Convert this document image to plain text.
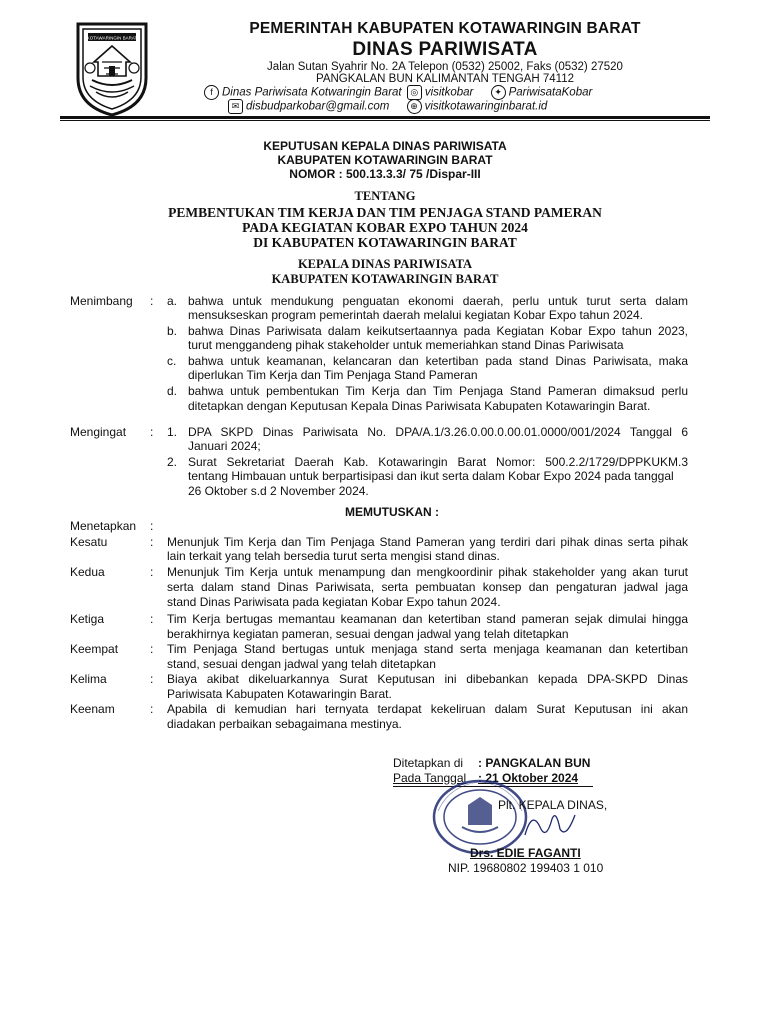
KOTAWARINGIN BARAT
PEMERINTAH KABUPATEN KOTAWARINGIN BARAT
DINAS PARIWISATA
Jalan Sutan Syahrir No. 2A Telepon (0532) 25002, Faks (0532) 27520
PANGKALAN BUN KALIMANTAN TENGAH 74112
f Dinas Pariwisata Kotwaringin Barat ◎ visitkobar ✦ PariwisataKobar
✉ disbudparkobar@gmail.com ⊕ visitkotawaringinbarat.id
KEPUTUSAN KEPALA DINAS PARIWISATA
KABUPATEN KOTAWARINGIN BARAT
NOMOR : 500.13.3.3/ 75 /Dispar-III
TENTANG
PEMBENTUKAN TIM KERJA DAN TIM PENJAGA STAND PAMERAN
PADA KEGIATAN KOBAR EXPO TAHUN 2024
DI KABUPATEN KOTAWARINGIN BARAT
KEPALA DINAS PARIWISATA
KABUPATEN KOTAWARINGIN BARAT
Menimbang : a. bahwa untuk mendukung penguatan ekonomi daerah, perlu untuk turut serta dalam
mensukseskan program pemerintah daerah melalui kegiatan Kobar Expo tahun 2024.
b. bahwa Dinas Pariwisata dalam keikutsertaannya pada Kegiatan Kobar Expo tahun 2023,
turut menggandeng pihak stakeholder untuk memeriahkan stand Dinas Pariwisata
c. bahwa untuk keamanan, kelancaran dan ketertiban pada stand Dinas Pariwisata, maka
diperlukan Tim Kerja dan Tim Penjaga Stand Pameran
d. bahwa untuk pembentukan Tim Kerja dan Tim Penjaga Stand Pameran dimaksud perlu
ditetapkan dengan Keputusan Kepala Dinas Pariwisata Kabupaten Kotawaringin Barat.
Mengingat : 1. DPA SKPD Dinas Pariwisata No. DPA/A.1/3.26.0.00.0.00.01.0000/001/2024 Tanggal 6
Januari 2024;
2. Surat Sekretariat Daerah Kab. Kotawaringin Barat Nomor: 500.2.2/1729/DPPKUKM.3
tentang Himbauan untuk berpartisipasi dan ikut serta dalam Kobar Expo 2024 pada tanggal
26 Oktober s.d 2 November 2024.
MEMUTUSKAN :
Menetapkan :
Kesatu	: Menunjuk Tim Kerja dan Tim Penjaga Stand Pameran yang terdiri dari pihak dinas serta pihak
lain terkait yang telah bersedia turut serta mengisi stand dinas.
Kedua	: Menunjuk Tim Kerja untuk menampung dan mengkoordinir pihak stakeholder yang akan turut
serta dalam stand Dinas Pariwisata, serta pembuatan konsep dan pengaturan jadwal jaga
stand Dinas Pariwisata pada kegiatan Kobar Expo tahun 2024.
Ketiga	: Tim Kerja bertugas memantau keamanan dan ketertiban stand pameran sejak dimulai hingga
berakhirnya kegiatan pameran, sesuai dengan jadwal yang telah ditetapkan
Keempat	: Tim Penjaga Stand bertugas untuk menjaga stand serta menjaga keamanan dan ketertiban
stand, sesuai dengan jadwal yang telah ditetapkan
Kelima	: Biaya akibat dikeluarkannya Surat Keputusan ini dibebankan kepada DPA-SKPD Dinas
Pariwisata Kabupaten Kotawaringin Barat.
Keenam	: Apabila di kemudian hari ternyata terdapat kekeliruan dalam Surat Keputusan ini akan
diadakan perbaikan sebagaimana mestinya.
Ditetapkan di : PANGKALAN BUN
Pada Tanggal : 21 Oktober 2024
Plt. KEPALA DINAS,
Drs. EDIE FAGANTI
NIP. 19680802 199403 1 010
